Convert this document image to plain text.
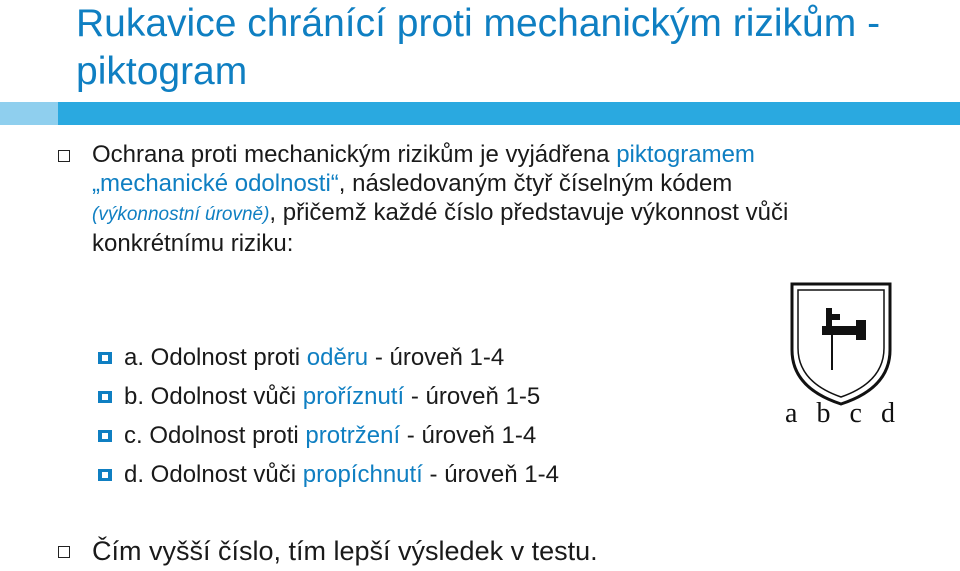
Rukavice chránící proti mechanickým rizikům - piktogram
Ochrana proti mechanickým rizikům je vyjádřena piktogramem „mechanické odolnosti“, následovaným čtyř číselným kódem (výkonnostní úrovně), přičemž každé číslo představuje výkonnost vůči konkrétnímu riziku:
a. Odolnost proti oděru - úroveň 1-4
b. Odolnost vůči proříznutí - úroveň 1-5
c. Odolnost proti protržení - úroveň 1-4
d. Odolnost vůči propíchnutí - úroveň 1-4
Čím vyšší číslo, tím lepší výsledek v testu.
a b c d
